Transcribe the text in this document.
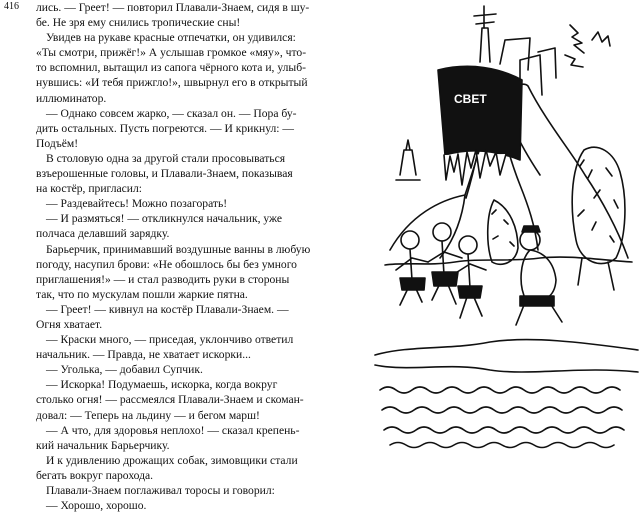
416 лись. — Греет! — повторил Плавали-Знаем, сидя в шу-
бе. Не зря ему снились тропические сны!
Увидев на рукаве красные отпечатки, он удивился:
«Ты смотри, прижёг!» А услышав громкое «мяу», что-
то вспомнил, вытащил из сапога чёрного кота и, улыб-
нувшись: «И тебя прижгло!», швырнул его в открытый
иллюминатор.
— Однако совсем жарко, — сказал он. — Пора бу-
дить остальных. Пусть погреются. — И крикнул: —
Подъём!
В столовую одна за другой стали просовываться
взъерошенные головы, и Плавали-Знаем, показывая
на костёр, пригласил:
— Раздевайтесь! Можно позагорать!
— И размяться! — откликнулся начальник, уже
полчаса делавший зарядку.
Барьерчик, принимавший воздушные ванны в любую
погоду, насупил брови: «Не обошлось бы без умного
приглашения!» — и стал разводить руки в стороны
так, что по мускулам пошли жаркие пятна.
— Греет! — кивнул на костёр Плавали-Знаем. —
Огня хватает.
— Краски много, — приседая, уклончиво ответил
начальник. — Правда, не хватает искорки...
— Уголька, — добавил Супчик.
— Искорка! Подумаешь, искорка, когда вокруг
столько огня! — рассмеялся Плавали-Знаем и скоман-
довал: — Теперь на льдину — и бегом марш!
— А что, для здоровья неплохо! — сказал крепень-
кий начальник Барьерчику.
И к удивлению дрожащих собак, зимовщики стали
бегать вокруг парохода.
Плавали-Знаем поглаживал торосы и говорил:
— Хорошо, хорошо.
СВЕТ
